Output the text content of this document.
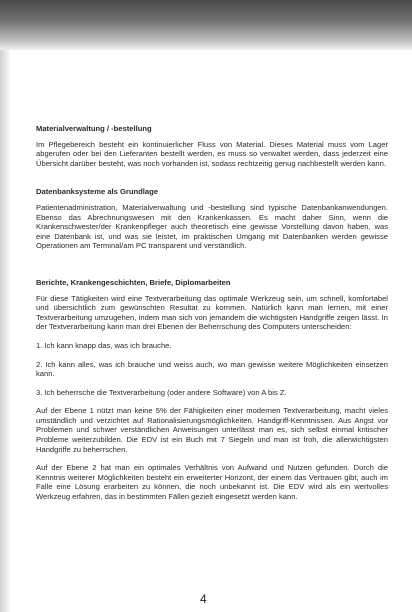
Materialverwaltung / -bestellung
Im Pflegebereich besteht ein kontinuierlicher Fluss von Material. Dieses Material muss vom Lager abgerufen oder bei den Lieferanten bestellt werden, es muss so verwaltet werden, dass jederzeit eine Übersicht darüber besteht, was noch vorhanden ist, sodass rechtzeitig genug nachbestellt werden kann.
Datenbanksysteme als Grundlage
Patientenadministration, Materialverwaltung und -bestellung sind typische Datenbankanwendungen. Ebenso das Abrechnungswesen mit den Krankenkassen. Es macht daher Sinn, wenn die Krankenschwester/der Krankenpfleger auch theoretisch eine gewisse Vorstellung davon haben, was eine Datenbank ist, und was sie leistet, im praktischen Umgang mit Datenbanken werden gewisse Operationen am Terminal/am PC transparent und verständlich.
Berichte, Krankengeschichten, Briefe, Diplomarbeiten
Für diese Tätigkeiten wird eine Textverarbeitung das optimale Werkzeug sein, um schnell, komfortabel und übersichtlich zum gewünschten Resultat zu kommen. Natürlich kann man lernen, mit einer Textverarbeitung umzugehen, indem man sich von jemandem die wichtigsten Handgriffe zeigen lässt. In der Textverarbeitung kann man drei Ebenen der Beherrschung des Computers unterscheiden:
1. Ich kann knapp das, was ich brauche.
2. Ich kann alles, was ich brauche und weiss auch, wo man gewisse weitere Möglichkeiten einsetzen kann.
3. Ich beherrsche die Textverarbeitung (oder andere Software) von A bis Z.
Auf der Ebene 1 nützt man keine 5% der Fähigkeiten einer modernen Textverarbeitung, macht vieles umständlich und verzichtet auf Rationalisierungsmöglichkeiten. Handgriff-Kenntnissen. Aus Angst vor Problemen und schwer verständlichen Anweisungen unterlässt man es, sich selbst einmal kritischer Probleme weiterzubilden. Die EDV ist ein Buch mit 7 Siegeln und man ist froh, die allerwichtigsten Handgriffe zu beherrschen.
Auf der Ebene 2 hat man ein optimales Verhältnis von Aufwand und Nutzen gefunden. Durch die Kenntnis weiterer Möglichkeiten besteht ein erweiterter Horizont, der einem das Vertrauen gibt, auch im Falle eine Lösung erarbeiten zu können, die noch unbekannt ist. Die EDV wird als ein wertvolles Werkzeug erfahren, das in bestimmten Fällen gezielt eingesetzt werden kann.
4
